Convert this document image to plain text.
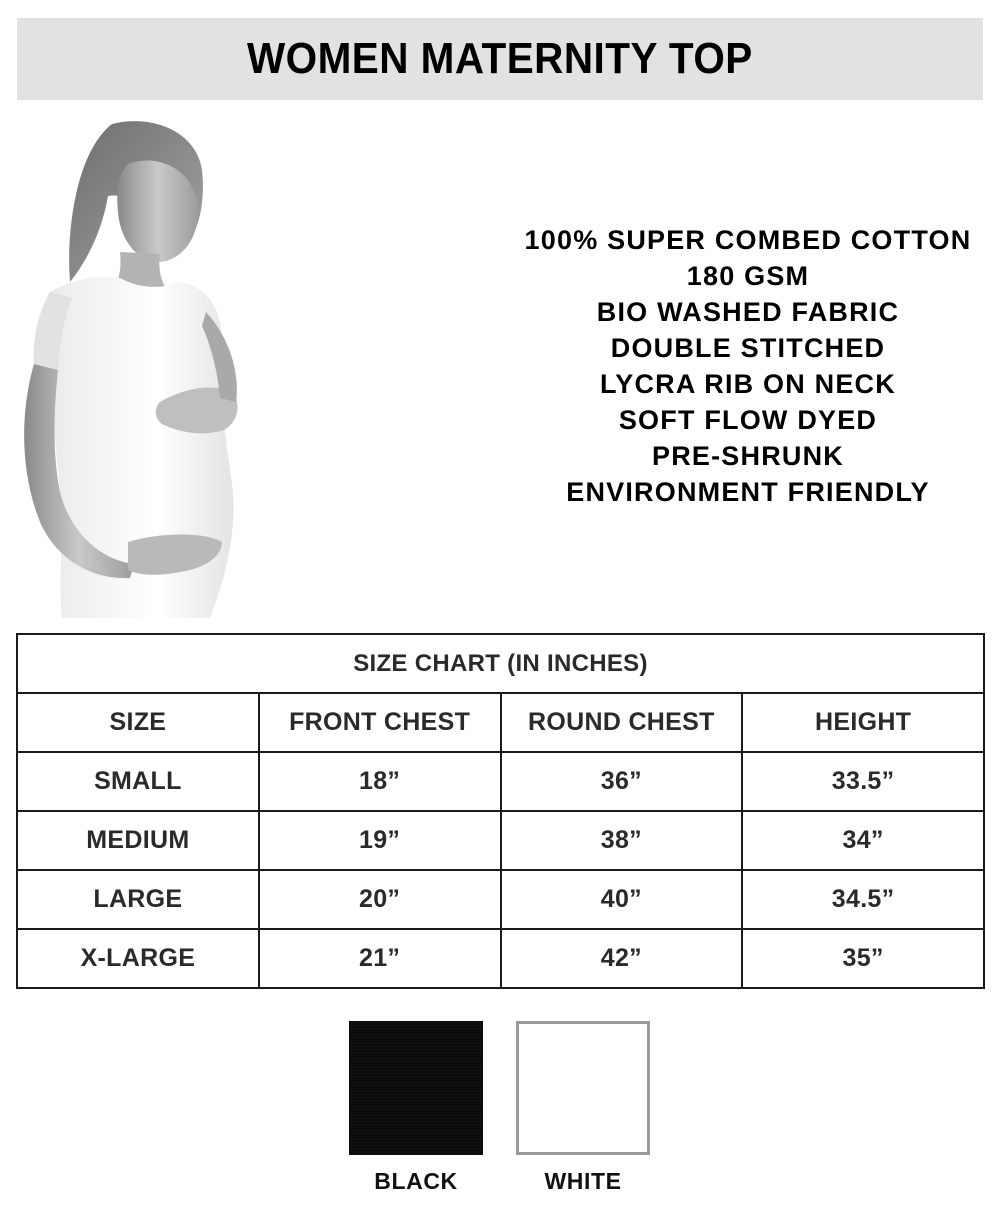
WOMEN MATERNITY TOP
100% SUPER COMBED COTTON
180 GSM
BIO WASHED FABRIC
DOUBLE STITCHED
LYCRA RIB ON NECK
SOFT FLOW DYED
PRE-SHRUNK
ENVIRONMENT FRIENDLY
SIZE CHART (IN INCHES)			
SIZE	FRONT CHEST	ROUND CHEST	HEIGHT
SMALL	18”	36”	33.5”
MEDIUM	19”	38”	34”
LARGE	20”	40”	34.5”
X-LARGE	21”	42”	35”
BLACK	WHITE
